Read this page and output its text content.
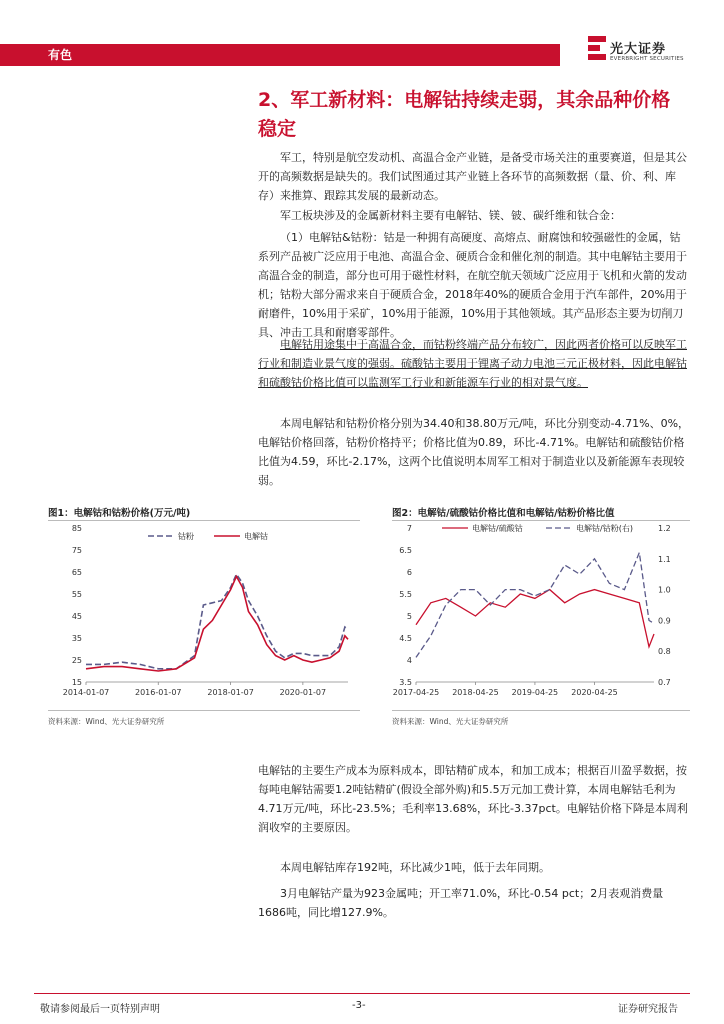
有色	光大证券
EVERBRIGHT SECURITIES
2、军工新材料：电解钴持续走弱，其余品种价格稳定
军工，特别是航空发动机、高温合金产业链，是备受市场关注的重要赛道，但是其公开的高频数据是缺失的。我们试图通过其产业链上各环节的高频数据（量、价、利、库存）来推算、跟踪其发展的最新动态。
军工板块涉及的金属新材料主要有电解钴、镁、铍、碳纤维和钛合金：
（1）电解钴&钴粉：钴是一种拥有高硬度、高熔点、耐腐蚀和较强磁性的金属，钴系列产品被广泛应用于电池、高温合金、硬质合金和催化剂的制造。其中电解钴主要用于高温合金的制造，部分也可用于磁性材料，在航空航天领域广泛应用于飞机和火箭的发动机；钴粉大部分需求来自于硬质合金，2018年40%的硬质合金用于汽车部件，20%用于耐磨件，10%用于采矿，10%用于能源，10%用于其他领域。其产品形态主要为切削刀具、冲击工具和耐磨零部件。
电解钴用途集中于高温合金，而钴粉终端产品分布较广，因此两者价格可以反映军工行业和制造业景气度的强弱。硫酸钴主要用于锂离子动力电池三元正极材料，因此电解钴和硫酸钴价格比值可以监测军工行业和新能源车行业的相对景气度。
本周电解钴和钴粉价格分别为34.40和38.80万元/吨，环比分别变动-4.71%、0%，电解钴价格回落，钴粉价格持平；价格比值为0.89，环比-4.71%。电解钴和硫酸钴价格比值为4.59，环比-2.17%，这两个比值说明本周军工相对于制造业以及新能源车表现较弱。
图1：电解钴和钴粉价格(万元/吨)	图2：电解钴/硫酸钴价格比值和电解钴/钴粉价格比值
15
25
35
45
55
65
75
85
2014-01-07	2016-01-07	2018-01-07	2020-01-07
钴粉	电解钴
3.5
4
4.5
5
5.5
6
6.5
7
0.7
0.8
0.9
1.0
1.1
1.2
2017-04-25 2018-04-25 2019-04-25 2020-04-25
电解钴/硫酸钴	电解钴/钴粉(右)
资料来源：Wind、光大证券研究所	资料来源：Wind、光大证券研究所
电解钴的主要生产成本为原料成本，即钴精矿成本，和加工成本；根据百川盈孚数据，按每吨电解钴需要1.2吨钴精矿(假设全部外购)和5.5万元加工费计算，本周电解钴毛利为4.71万元/吨，环比-23.5%；毛利率13.68%，环比-3.37pct。电解钴价格下降是本周利润收窄的主要原因。
本周电解钴库存192吨，环比减少1吨，低于去年同期。
3月电解钴产量为923金属吨；开工率71.0%，环比-0.54 pct；2月表观消费量1686吨，同比增127.9%。
敬请参阅最后一页特别声明	-3-	证券研究报告
